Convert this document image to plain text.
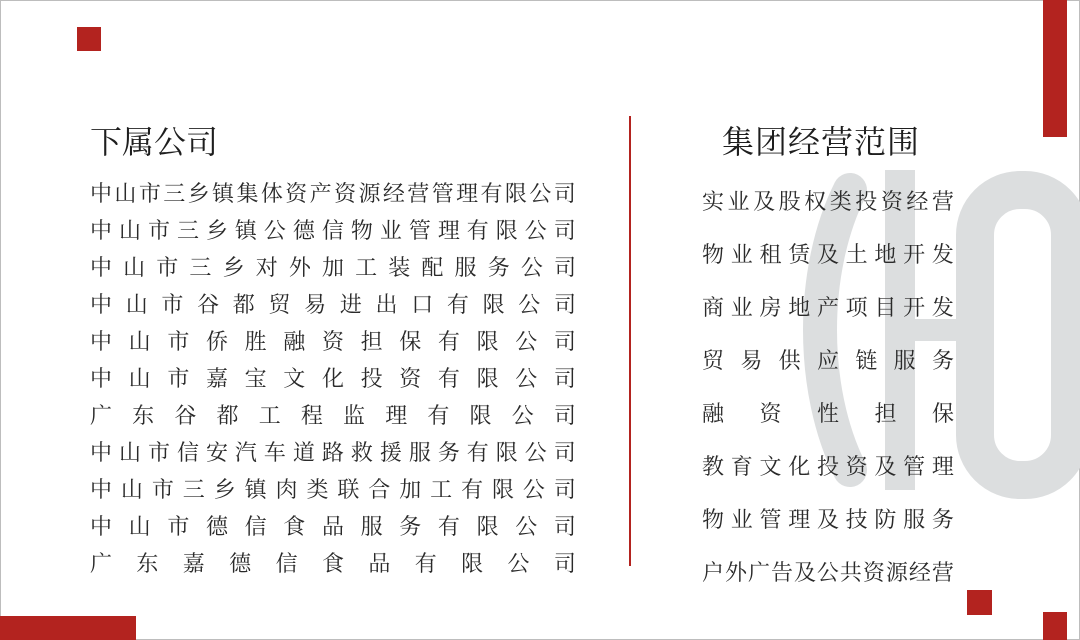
下属公司
中 山 市 三 乡 镇 集 体 资 产 资 源 经 营 管 理 有 限 公 司
中 山 市 三 乡 镇 公 德 信 物 业 管 理 有 限 公 司
中 山 市 三 乡 对 外 加 工 装 配 服 务 公 司
中 山 市 谷 都 贸 易 进 出 口 有 限 公 司
中 山 市 侨 胜 融 资 担 保 有 限 公 司
中 山 市 嘉 宝 文 化 投 资 有 限 公 司
广 东 谷 都 工 程 监 理 有 限 公 司
中 山 市 信 安 汽 车 道 路 救 援 服 务 有 限 公 司
中 山 市 三 乡 镇 肉 类 联 合 加 工 有 限 公 司
中 山 市 德 信 食 品 服 务 有 限 公 司
广 东 嘉 德 信 食 品 有 限 公 司
集团经营范围
实 业 及 股 权 类 投 资 经 营
物 业 租 赁 及 土 地 开 发
商 业 房 地 产 项 目 开 发
贸 易 供 应 链 服 务
融 资 性 担 保
教 育 文 化 投 资 及 管 理
物 业 管 理 及 技 防 服 务
户 外 广 告 及 公 共 资 源 经 营
